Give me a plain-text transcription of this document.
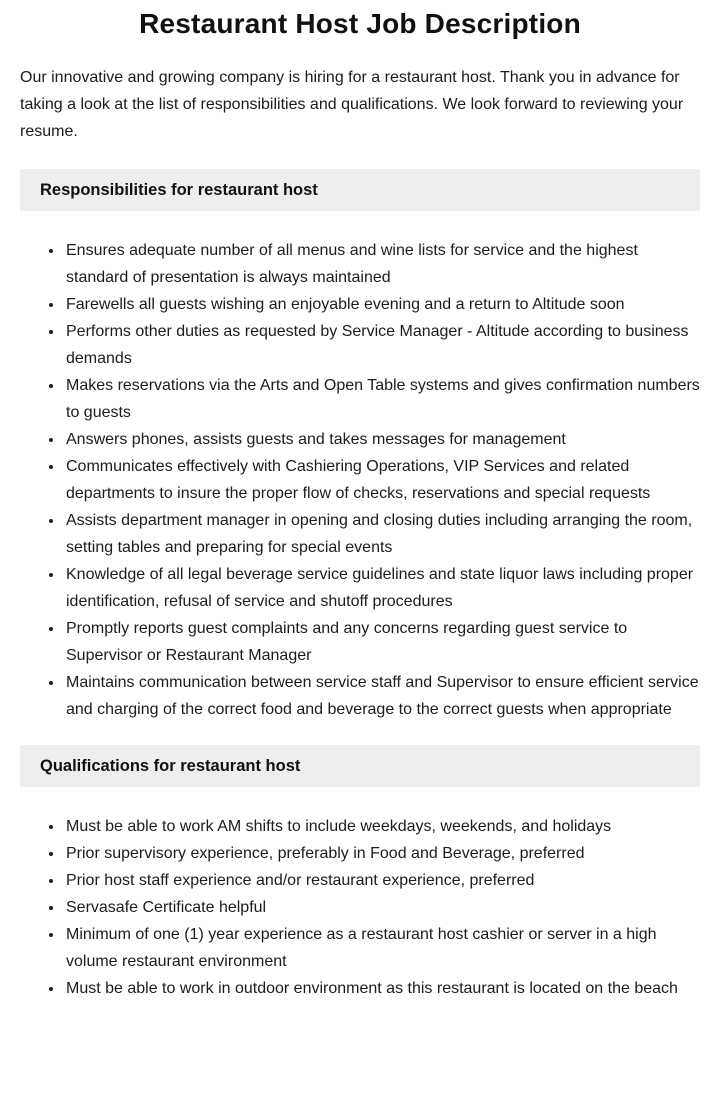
Restaurant Host Job Description

Our innovative and growing company is hiring for a restaurant host. Thank you in advance for taking a look at the list of responsibilities and qualifications. We look forward to reviewing your resume.

Responsibilities for restaurant host
• Ensures adequate number of all menus and wine lists for service and the highest standard of presentation is always maintained
• Farewells all guests wishing an enjoyable evening and a return to Altitude soon
• Performs other duties as requested by Service Manager - Altitude according to business demands
• Makes reservations via the Arts and Open Table systems and gives confirmation numbers to guests
• Answers phones, assists guests and takes messages for management
• Communicates effectively with Cashiering Operations, VIP Services and related departments to insure the proper flow of checks, reservations and special requests
• Assists department manager in opening and closing duties including arranging the room, setting tables and preparing for special events
• Knowledge of all legal beverage service guidelines and state liquor laws including proper identification, refusal of service and shutoff procedures
• Promptly reports guest complaints and any concerns regarding guest service to Supervisor or Restaurant Manager
• Maintains communication between service staff and Supervisor to ensure efficient service and charging of the correct food and beverage to the correct guests when appropriate
Qualifications for restaurant host
• Must be able to work AM shifts to include weekdays, weekends, and holidays
• Prior supervisory experience, preferably in Food and Beverage, preferred
• Prior host staff experience and/or restaurant experience, preferred
• Servasafe Certificate helpful
• Minimum of one (1) year experience as a restaurant host cashier or server in a high volume restaurant environment
• Must be able to work in outdoor environment as this restaurant is located on the beach
